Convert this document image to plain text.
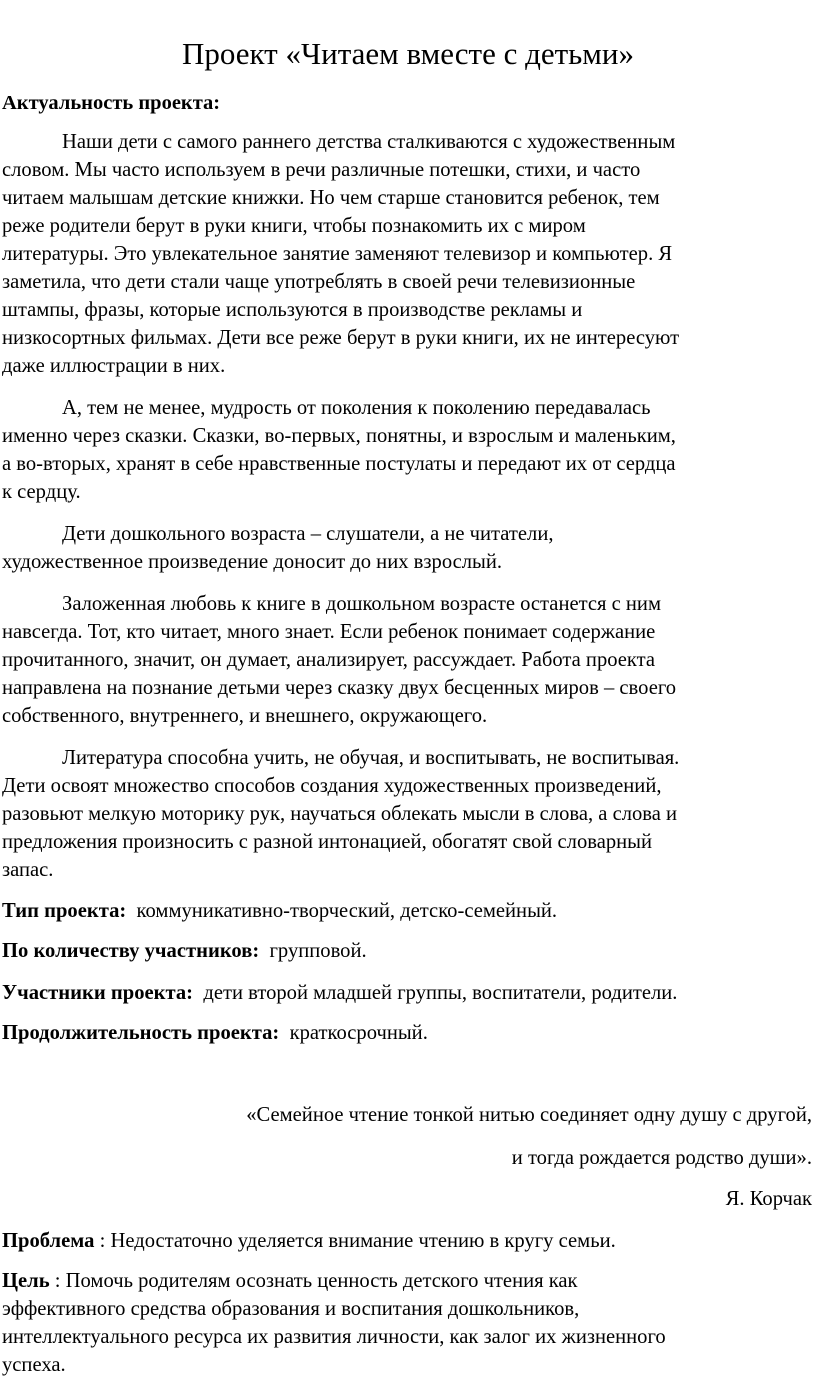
Проект «Читаем вместе с детьми»
Актуальность проекта:
Наши дети с самого раннего детства сталкиваются с художественным
словом. Мы часто используем в речи различные потешки, стихи, и часто
читаем малышам детские книжки. Но чем старше становится ребенок, тем
реже родители берут в руки книги, чтобы познакомить их с миром
литературы. Это увлекательное занятие заменяют телевизор и компьютер. Я
заметила, что дети стали чаще употреблять в своей речи телевизионные
штампы, фразы, которые используются в производстве рекламы и
низкосортных фильмах. Дети все реже берут в руки книги, их не интересуют
даже иллюстрации в них.
А, тем не менее, мудрость от поколения к поколению передавалась
именно через сказки. Сказки, во-первых, понятны, и взрослым и маленьким,
а во-вторых, хранят в себе нравственные постулаты и передают их от сердца
к сердцу.
Дети дошкольного возраста – слушатели, а не читатели,
художественное произведение доносит до них взрослый.
Заложенная любовь к книге в дошкольном возрасте останется с ним
навсегда. Тот, кто читает, много знает. Если ребенок понимает содержание
прочитанного, значит, он думает, анализирует, рассуждает. Работа проекта
направлена на познание детьми через сказку двух бесценных миров – своего
собственного, внутреннего, и внешнего, окружающего.
Литература способна учить, не обучая, и воспитывать, не воспитывая.
Дети освоят множество способов создания художественных произведений,
разовьют мелкую моторику рук, научаться облекать мысли в слова, а слова и
предложения произносить с разной интонацией, обогатят свой словарный
запас.
Тип проекта: коммуникативно-творческий, детско-семейный.
По количеству участников: групповой.
Участники проекта: дети второй младшей группы, воспитатели, родители.
Продолжительность проекта: краткосрочный.
«Семейное чтение тонкой нитью соединяет одну душу с другой,
и тогда рождается родство души».
Я. Корчак
Проблема : Недостаточно уделяется внимание чтению в кругу семьи.
Цель : Помочь родителям осознать ценность детского чтения как
эффективного средства образования и воспитания дошкольников,
интеллектуального ресурса их развития личности, как залог их жизненного
успеха.
